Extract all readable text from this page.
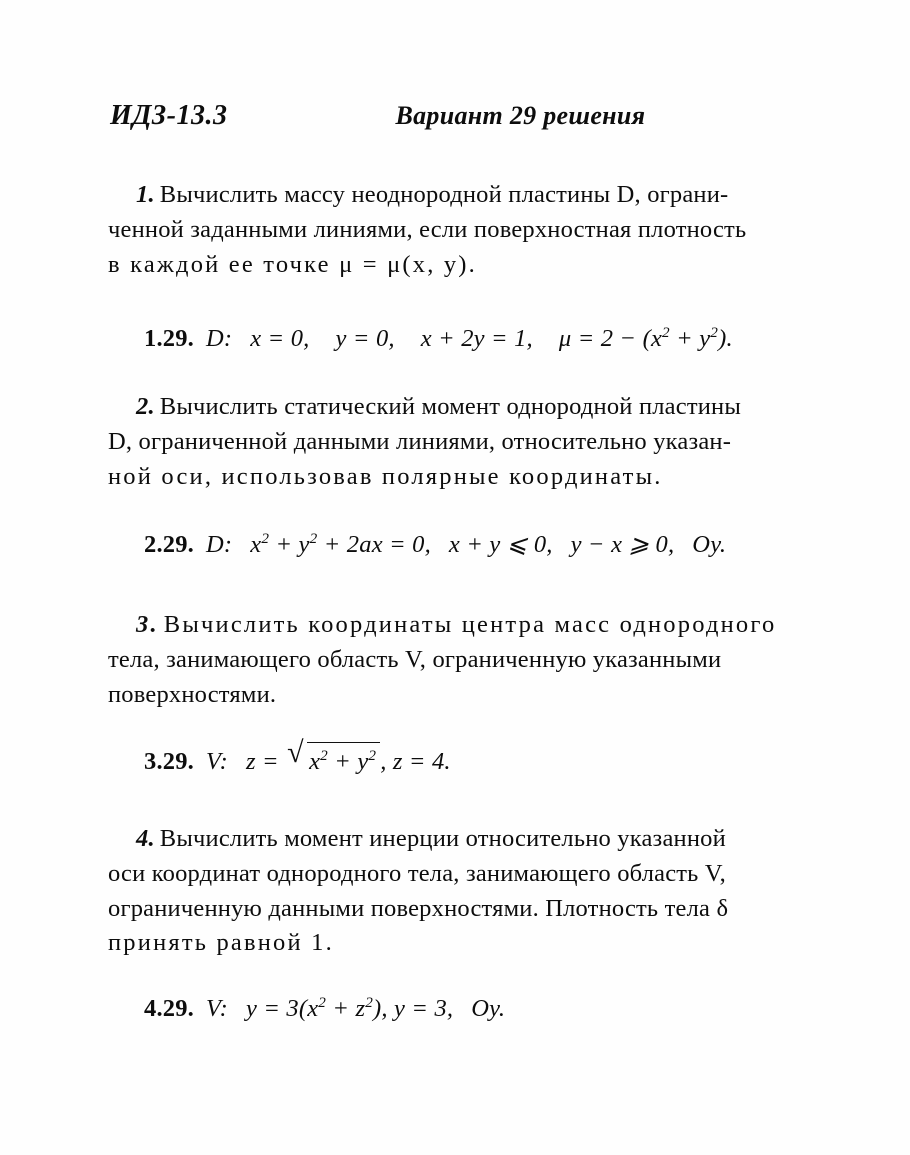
ИДЗ-13.3	Вариант 29 решения
1. Вычислить массу неоднородной пластины D, ограни-
ченной заданными линиями, если поверхностная плотность
в каждой ее точке μ = μ(x, y).
1.29. D: x = 0, y = 0, x + 2y = 1, $\mu = 2 - (x^2 + y^2)$.
2. Вычислить статический момент однородной пластины
D, ограниченной данными линиями, относительно указан-
ной оси, использовав полярные координаты.
2.29. D: $x^2 + y^2 + 2ax = 0$, x + y ⩽ 0, y − x ⩾ 0, Oy.
3. Вычислить координаты центра масс однородного
тела, занимающего область V, ограниченную указанными
поверхностями.
3.29. V: z = √ $x^2 + y^2$ , z = 4.
4. Вычислить момент инерции относительно указанной
оси координат однородного тела, занимающего область V,
ограниченную данными поверхностями. Плотность тела δ
принять равной 1.
4.29. V: $y = 3(x^2 + z^2)$, y = 3, Oy.
